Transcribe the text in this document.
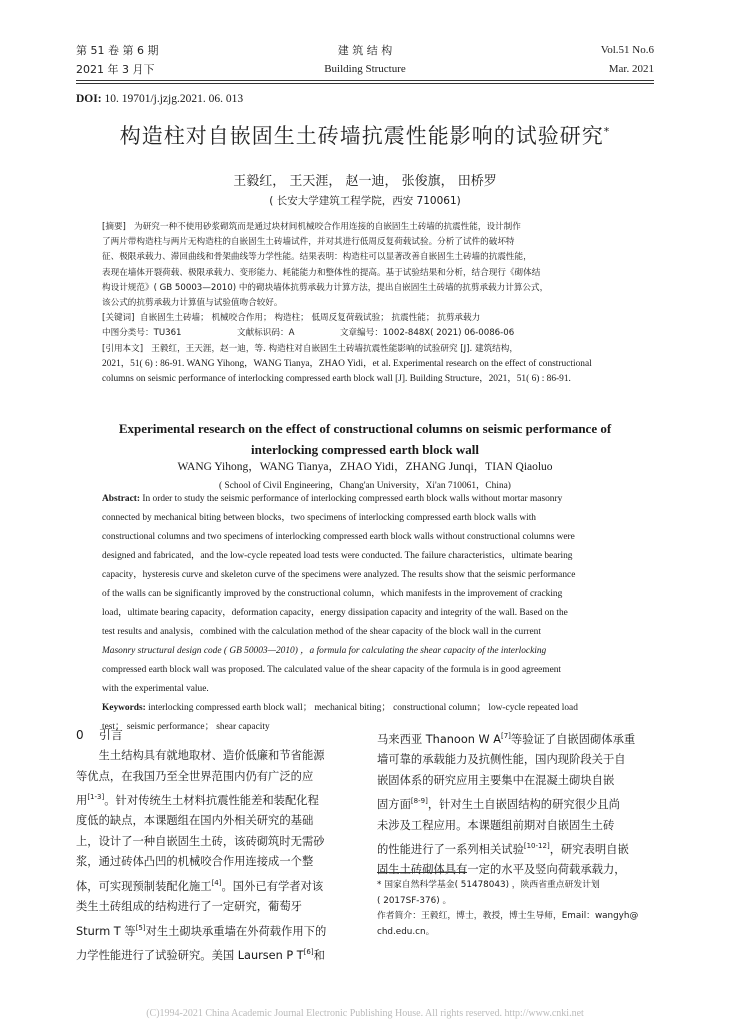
第 51 卷 第 6 期
2021 年 3 月下
建 筑 结 构
Building Structure
Vol.51 No.6
Mar. 2021
DOI: 10. 19701/j.jzjg.2021. 06. 013
构造柱对自嵌固生土砖墙抗震性能影响的试验研究*
王毅红， 王天涯， 赵一迪， 张俊旗， 田桥罗
( 长安大学建筑工程学院，西安 710061)
[摘要] 为研究一种不使用砂浆砌筑而是通过块材间机械咬合作用连接的自嵌固生土砖墙的抗震性能，设计制作
了两片带构造柱与两片无构造柱的自嵌固生土砖墙试件，并对其进行低周反复荷载试验。分析了试件的破坏特
征、极限承载力、滞回曲线和骨架曲线等力学性能。结果表明：构造柱可以显著改善自嵌固生土砖墙的抗震性能，
表现在墙体开裂荷载、极限承载力、变形能力、耗能能力和整体性的提高。基于试验结果和分析，结合现行《砌体结
构设计规范》( GB 50003—2010) 中的砌块墙体抗剪承载力计算方法，提出自嵌固生土砖墙的抗剪承载力计算公式，
该公式的抗剪承载力计算值与试验值吻合较好。
[关键词] 自嵌固生土砖墙； 机械咬合作用； 构造柱； 低周反复荷载试验； 抗震性能； 抗剪承载力
中图分类号：TU361	文献标识码：A	文章编号：1002-848X( 2021) 06-0086-06
[引用本文] 王毅红，王天涯，赵一迪，等. 构造柱对自嵌固生土砖墙抗震性能影响的试验研究 [J]. 建筑结构，
2021，51( 6) : 86-91. WANG Yihong，WANG Tianya，ZHAO Yidi，et al. Experimental research on the effect of constructional
columns on seismic performance of interlocking compressed earth block wall [J]. Building Structure，2021，51( 6) : 86-91.
Experimental research on the effect of constructional columns on seismic performance of
interlocking compressed earth block wall
WANG Yihong，WANG Tianya，ZHAO Yidi，ZHANG Junqi，TIAN Qiaoluo
( School of Civil Engineering，Chang'an University，Xi'an 710061，China)
Abstract: In order to study the seismic performance of interlocking compressed earth block walls without mortar masonry
connected by mechanical biting between blocks，two specimens of interlocking compressed earth block walls with
constructional columns and two specimens of interlocking compressed earth block walls without constructional columns were
designed and fabricated，and the low-cycle repeated load tests were conducted. The failure characteristics，ultimate bearing
capacity，hysteresis curve and skeleton curve of the specimens were analyzed. The results show that the seismic performance
of the walls can be significantly improved by the constructional column，which manifests in the improvement of cracking
load，ultimate bearing capacity，deformation capacity，energy dissipation capacity and integrity of the wall. Based on the
test results and analysis，combined with the calculation method of the shear capacity of the block wall in the current
Masonry structural design code ( GB 50003—2010) ，a formula for calculating the shear capacity of the interlocking
compressed earth block wall was proposed. The calculated value of the shear capacity of the formula is in good agreement
with the experimental value.
Keywords: interlocking compressed earth block wall； mechanical biting； constructional column； low-cycle repeated load
test； seismic performance； shear capacity
0 引言
　　生土结构具有就地取材、造价低廉和节省能源
等优点，在我国乃至全世界范围内仍有广泛的应
用[1-3]。针对传统生土材料抗震性能差和装配化程
度低的缺点，本课题组在国内外相关研究的基础
上，设计了一种自嵌固生土砖，该砖砌筑时无需砂
浆，通过砖体凸凹的机械咬合作用连接成一个整
体，可实现预制装配化施工[4]。国外已有学者对该
类生土砖组成的结构进行了一定研究，葡萄牙
Sturm T 等[5]对生土砌块承重墙在外荷载作用下的
力学性能进行了试验研究。美国 Laursen P T[6]和
马来西亚 Thanoon W A[7]等验证了自嵌固砌体承重
墙可靠的承载能力及抗侧性能，国内现阶段关于自
嵌固体系的研究应用主要集中在混凝土砌块自嵌
固方面[8-9]，针对生土自嵌固结构的研究很少且尚
未涉及工程应用。本课题组前期对自嵌固生土砖
的性能进行了一系列相关试验[10-12]，研究表明自嵌
固生土砖砌体具有一定的水平及竖向荷载承载力，
* 国家自然科学基金( 51478043) ，陕西省重点研发计划
( 2017SF-376) 。
作者简介：王毅红，博士，教授，博士生导师，Email：wangyh@
chd.edu.cn。
(C)1994-2021 China Academic Journal Electronic Publishing House. All rights reserved. http://www.cnki.net
